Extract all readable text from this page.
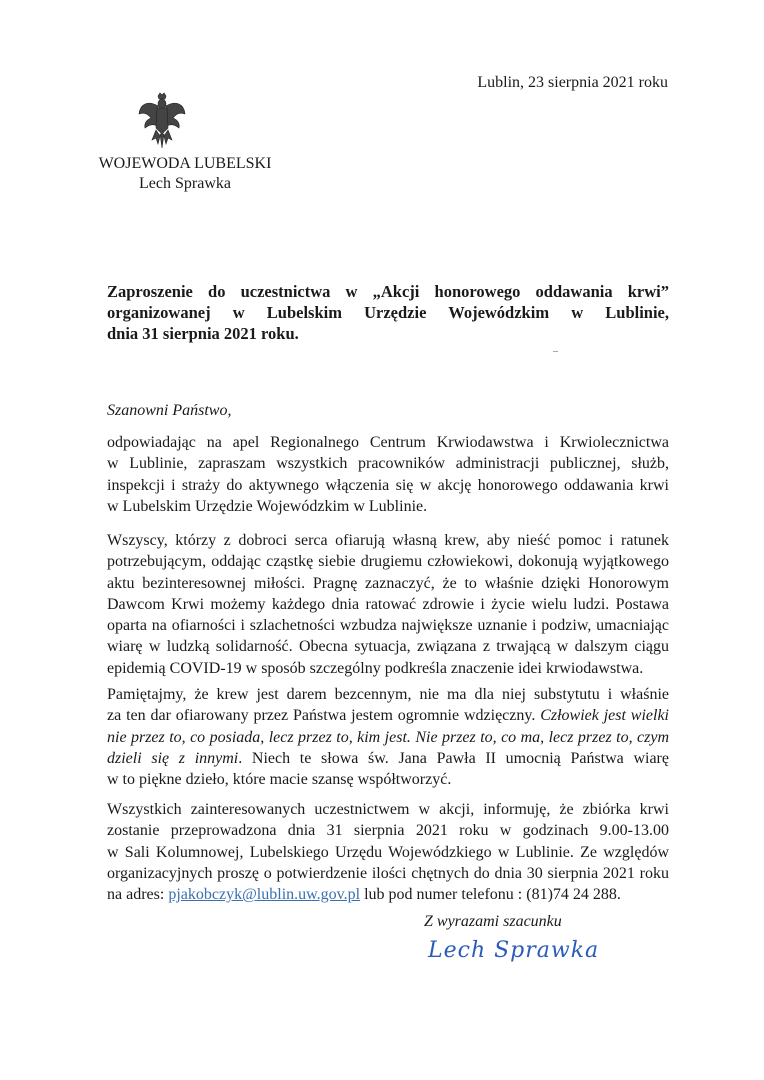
Lublin, 23 sierpnia 2021 roku
WOJEWODA LUBELSKI
Lech Sprawka
Zaproszenie do uczestnictwa w „Akcji honorowego oddawania krwi”
organizowanej w Lubelskim Urzędzie Wojewódzkim w Lublinie,
dnia 31 sierpnia 2021 roku.
Szanowni Państwo,
odpowiadając na apel Regionalnego Centrum Krwiodawstwa i Krwiolecznictwa
w Lublinie, zapraszam wszystkich pracowników administracji publicznej, służb,
inspekcji i straży do aktywnego włączenia się w akcję honorowego oddawania krwi
w Lubelskim Urzędzie Wojewódzkim w Lublinie.
Wszyscy, którzy z dobroci serca ofiarują własną krew, aby nieść pomoc i ratunek
potrzebującym, oddając cząstkę siebie drugiemu człowiekowi, dokonują wyjątkowego
aktu bezinteresownej miłości. Pragnę zaznaczyć, że to właśnie dzięki Honorowym
Dawcom Krwi możemy każdego dnia ratować zdrowie i życie wielu ludzi. Postawa
oparta na ofiarności i szlachetności wzbudza największe uznanie i podziw, umacniając
wiarę w ludzką solidarność. Obecna sytuacja, związana z trwającą w dalszym ciągu
epidemią COVID-19 w sposób szczególny podkreśla znaczenie idei krwiodawstwa.
Pamiętajmy, że krew jest darem bezcennym, nie ma dla niej substytutu i właśnie
za ten dar ofiarowany przez Państwa jestem ogromnie wdzięczny. Człowiek jest wielki
nie przez to, co posiada, lecz przez to, kim jest. Nie przez to, co ma, lecz przez to, czym
dzieli się z innymi. Niech te słowa św. Jana Pawła II umocnią Państwa wiarę
w to piękne dzieło, które macie szansę współtworzyć.
Wszystkich zainteresowanych uczestnictwem w akcji, informuję, że zbiórka krwi
zostanie przeprowadzona dnia 31 sierpnia 2021 roku w godzinach 9.00-13.00
w Sali Kolumnowej, Lubelskiego Urzędu Wojewódzkiego w Lublinie. Ze względów
organizacyjnych proszę o potwierdzenie ilości chętnych do dnia 30 sierpnia 2021 roku
na adres: pjakobczyk@lublin.uw.gov.pl lub pod numer telefonu : (81)74 24 288.
Z wyrazami szacunku
Lech Sprawka
